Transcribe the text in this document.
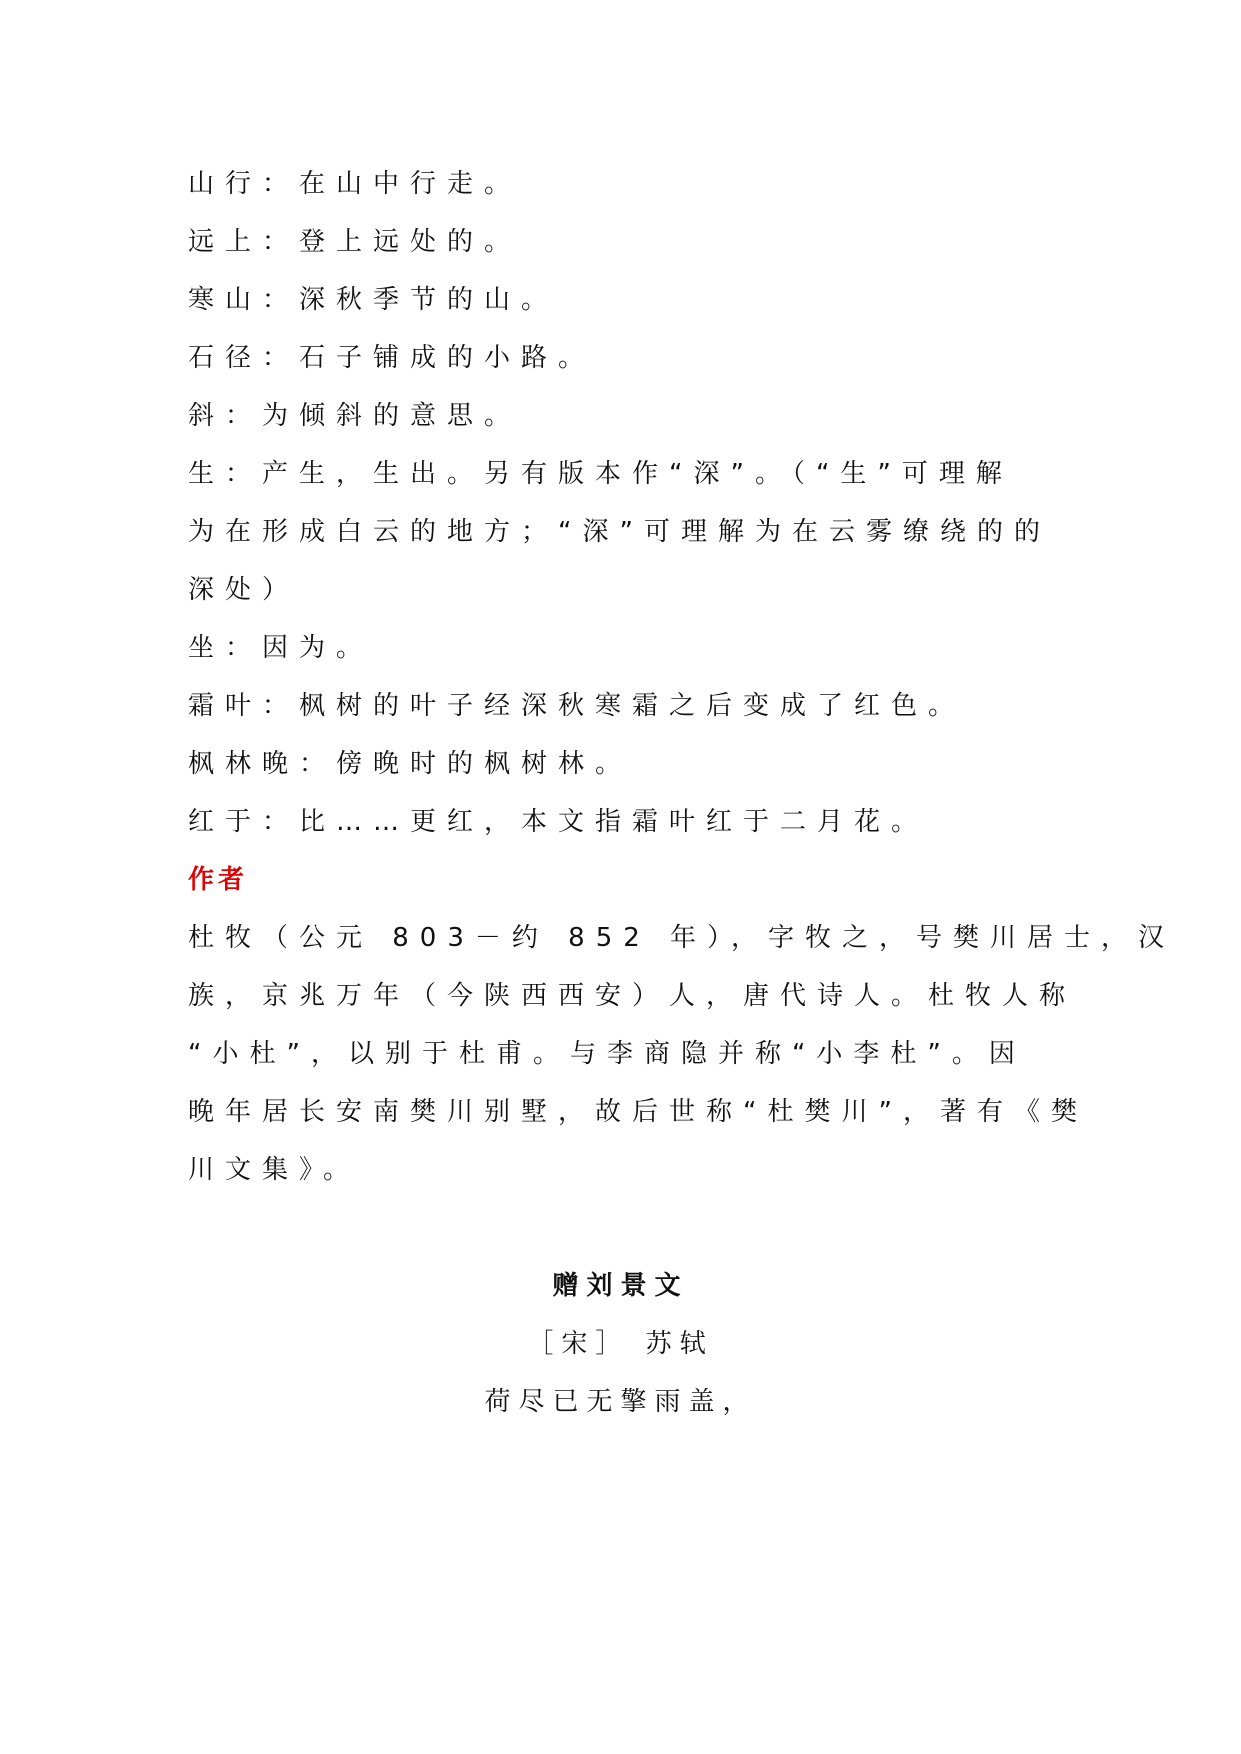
山行：在山中行走。
远上：登上远处的。
寒山：深秋季节的山。
石径：石子铺成的小路。
斜：为倾斜的意思。
生：产生，生出。另有版本作“深”。（“生”可理解
为在形成白云的地方；“深”可理解为在云雾缭绕的的
深处）
坐：因为。
霜叶：枫树的叶子经深秋寒霜之后变成了红色。
枫林晚：傍晚时的枫树林。
红于：比……更红，本文指霜叶红于二月花。
作者
杜牧（公元 803－约 852 年），字牧之，号樊川居士，汉
族，京兆万年（今陕西西安）人，唐代诗人。杜牧人称
“小杜”，以别于杜甫。与李商隐并称“小李杜”。因
晚年居长安南樊川别墅，故后世称“杜樊川”，著有《樊
川文集》。
赠刘景文
［宋］ 苏轼
荷尽已无擎雨盖，
